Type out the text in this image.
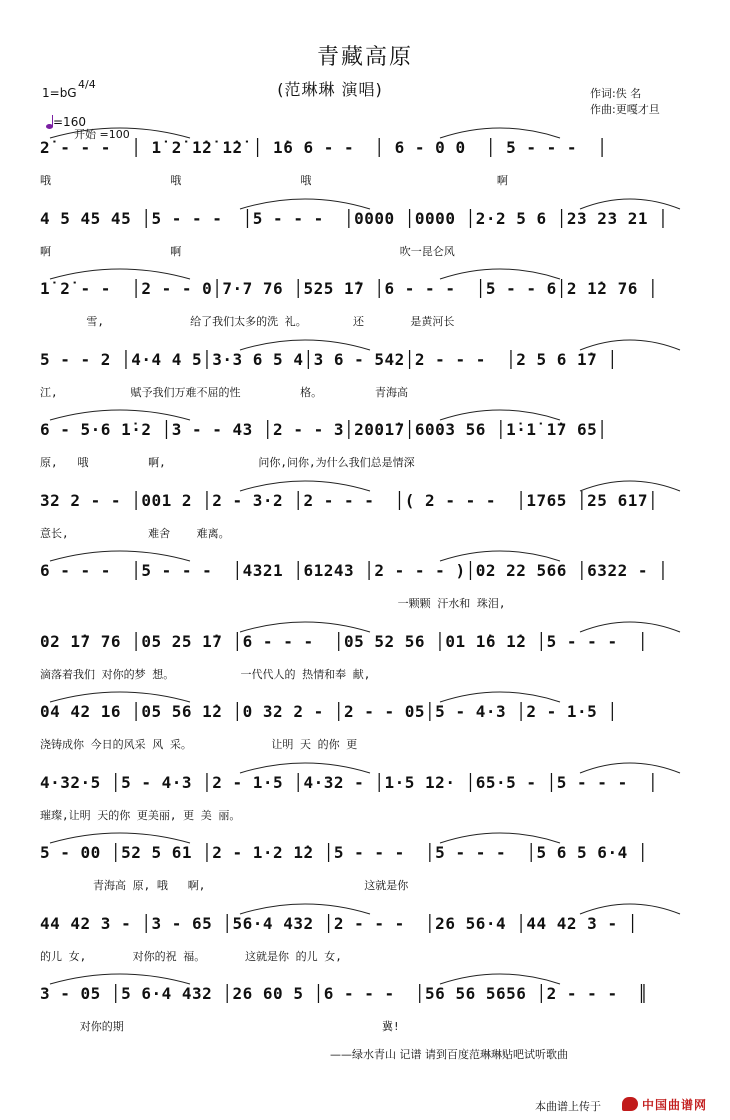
青藏高原
(范琳琳 演唱)
1=bG
4/4
=160
开始 =100
作词:佚 名
作曲:更嘎才旦
2̇ - - -  │ 1̇ 2̇ 1̇2̇ 1̇2̇ │ 1̇6 6 - -  │ 6 - 0 0  │ 5 - - -  │
哦                  哦                  哦                            啊
4 5 45 45 │5 - - -  │5 - - -  │0000 │0000 │2·2 5 6 │23 23 21 │
啊                  啊                                 吹一昆仑风
1̇ 2̇ - -  │2 - - 0│7·7 76 │525 1̇7 │6 - - -  │5 - - 6│2 1̇2 76 │
雪,             给了我们太多的洗 礼。       还       是黄河长
5 - - 2 │4·4 4 5│3·3 6 5 4│3 6 - 542│2 - - -  │2 5 6 1̇7 │
江,           赋予我们万难不屈的性         格。        青海高
6 - 5·6 1̇·2 │3 - - 43 │2 - - 3│2001̇7│6003 56 │1̇·1̇ 1̇7 65│
原,   哦         啊,              问你,问你,为什么我们总是情深
32 2 - - │001 2 │2 - 3·2 │2 - - -  │( 2 - - -  │1765 │25 617│
意长,            难舍    难离。
6 - - -  │5 - - -  │4321 │61243 │2 - - - )│02 22 566 │6322 - │
一颗颗 汗水和 珠泪,
02 1̇7 76 │05 25 1̇7 │6 - - -  │05 52 56 │01 1̇6 1̇2 │5 - - -  │
滴落着我们 对你的梦 想。          一代代人的 热情和奉 献,
04 42 16 │05 56 1̇2 │0 32 2 - │2 - - 05│5 - 4·3 │2 - 1·5 │
浇铸成你 今日的风采 风 采。            让明 天 的你 更
4·32·5 │5 - 4·3 │2 - 1·5 │4·32 - │1·5 12· │65·5 - │5 - - -  │
璀璨,让明 天的你 更美丽, 更 美 丽。
5 - 00 │52 5 61 │2 - 1·2 1̇2 │5 - - -  │5 - - -  │5 6 5 6·4 │
青海高 原, 哦   啊,                        这就是你
44 42 3 - │3 - 65 │56·4 432 │2 - - -  │26 56·4 │44 42 3 - │
的儿 女,       对你的祝 福。      这就是你 的儿 女,
3 - 05 │5 6·4 432 │26 60 5 │6 - - -  │56 56 5656 │2 - - -  ║
对你的期                                       冀!
——绿水青山 记谱 请到百度范琳琳贴吧试听歌曲
本曲谱上传于	中国曲谱网
